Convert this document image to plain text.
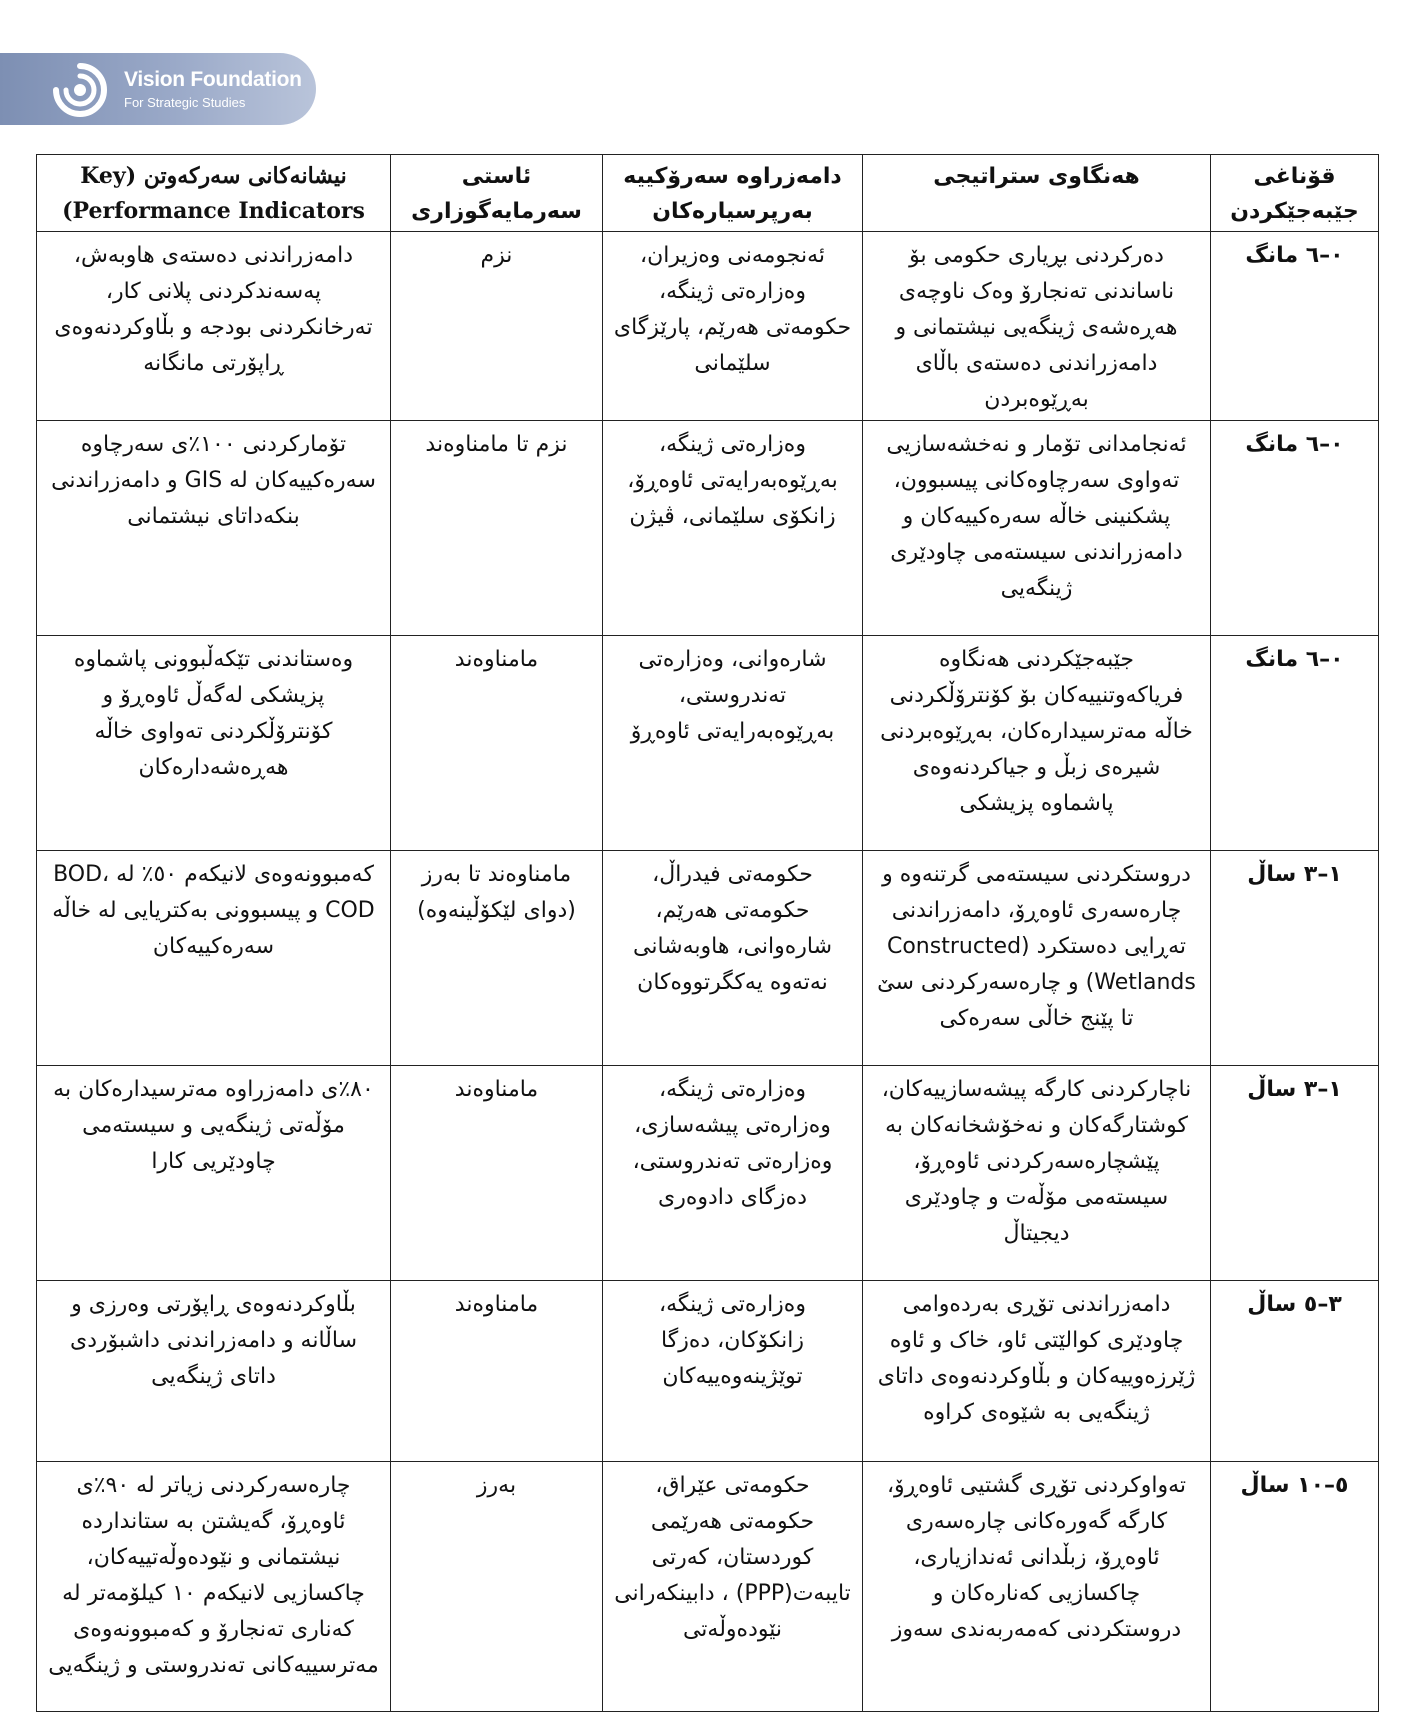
Vision Foundation
For Strategic Studies
قۆناغی جێبەجێکردن	هەنگاوی ستراتیجی	دامەزراوە سەرۆکییە بەرپرسیارەکان	ئاستی سەرمایەگوزاری	نیشانەکانی سەرکەوتن (Key Performance Indicators)
٠–٦ مانگ	دەرکردنی بڕیاری حکومی بۆ ناساندنی تەنجارۆ وەک ناوچەی هەڕەشەی ژینگەیی نیشتمانی و دامەزراندنی دەستەی باڵای بەڕێوەبردن	ئەنجومەنی وەزیران، وەزارەتی ژینگە، حکومەتی هەرێم، پارێزگای سلێمانی	نزم	دامەزراندنی دەستەی هاوبەش، پەسەندکردنی پلانی کار، تەرخانکردنی بودجە و بڵاوکردنەوەی ڕاپۆرتی مانگانە
٠–٦ مانگ	ئەنجامدانی تۆمار و نەخشەسازیی تەواوی سەرچاوەکانی پیسبوون، پشکنینی خاڵە سەرەکییەکان و دامەزراندنی سیستەمی چاودێری ژینگەیی	وەزارەتی ژینگە، بەڕێوەبەرایەتی ئاوەڕۆ، زانکۆی سلێمانی، ڤیژن	نزم تا مامناوەند	تۆمارکردنی ١٠٠٪ی سەرچاوە سەرەکییەکان لە GIS و دامەزراندنی بنکەداتای نیشتمانی
٠–٦ مانگ	جێبەجێکردنی هەنگاوە فریاکەوتنییەکان بۆ کۆنترۆڵکردنی خاڵە مەترسیدارەکان، بەڕێوەبردنی شیرەی زبڵ و جیاکردنەوەی پاشماوە پزیشکی	شارەوانی، وەزارەتی تەندروستی، بەڕێوەبەرایەتی ئاوەڕۆ	مامناوەند	وەستاندنی تێکەڵبوونی پاشماوە پزیشکی لەگەڵ ئاوەڕۆ و کۆنترۆڵکردنی تەواوی خاڵە هەڕەشەدارەکان
١–٣ ساڵ	دروستکردنی سیستەمی گرتنەوە و چارەسەری ئاوەڕۆ، دامەزراندنی تەڕایی دەستکرد (Constructed Wetlands) و چارەسەرکردنی سێ تا پێنج خاڵی سەرەکی	حکومەتی فیدراڵ، حکومەتی هەرێم، شارەوانی، هاوبەشانی نەتەوە یەکگرتووەکان	مامناوەند تا بەرز (دوای لێکۆڵینەوە)	کەمبوونەوەی لانیکەم ٥٠٪ لە BOD، COD و پیسبوونی بەکتریایی لە خاڵە سەرەکییەکان
١–٣ ساڵ	ناچارکردنی کارگە پیشەسازییەکان، کوشتارگەکان و نەخۆشخانەکان بە پێشچارەسەرکردنی ئاوەڕۆ، سیستەمی مۆڵەت و چاودێری دیجیتاڵ	وەزارەتی ژینگە، وەزارەتی پیشەسازی، وەزارەتی تەندروستی، دەزگای دادوەری	مامناوەند	٨٠٪ی دامەزراوە مەترسیدارەکان بە مۆڵەتی ژینگەیی و سیستەمی چاودێریی کارا
٣–٥ ساڵ	دامەزراندنی تۆڕی بەردەوامی چاودێری کوالێتی ئاو، خاک و ئاوە ژێرزەوییەکان و بڵاوکردنەوەی داتای ژینگەیی بە شێوەی کراوە	وەزارەتی ژینگە، زانکۆکان، دەزگا توێژینەوەییەکان	مامناوەند	بڵاوکردنەوەی ڕاپۆرتی وەرزی و ساڵانە و دامەزراندنی داشبۆردی داتای ژینگەیی
٥–١٠ ساڵ	تەواوکردنی تۆڕی گشتیی ئاوەڕۆ، کارگە گەورەکانی چارەسەری ئاوەڕۆ، زبڵدانی ئەندازیاری، چاکسازیی کەنارەکان و دروستکردنی کەمەربەندی سەوز	حکومەتی عێراق، حکومەتی هەرێمی کوردستان، کەرتی تایبەت(PPP) ، دابینکەرانی نێودەوڵەتی	بەرز	چارەسەرکردنی زیاتر لە ٩٠٪ی ئاوەڕۆ، گەیشتن بە ستاندارده نیشتمانی و نێودەوڵەتییەکان، چاکسازیی لانیکەم ١٠ کیلۆمەتر لە کەناری تەنجارۆ و کەمبوونەوەی مەترسییەکانی تەندروستی و ژینگەیی
